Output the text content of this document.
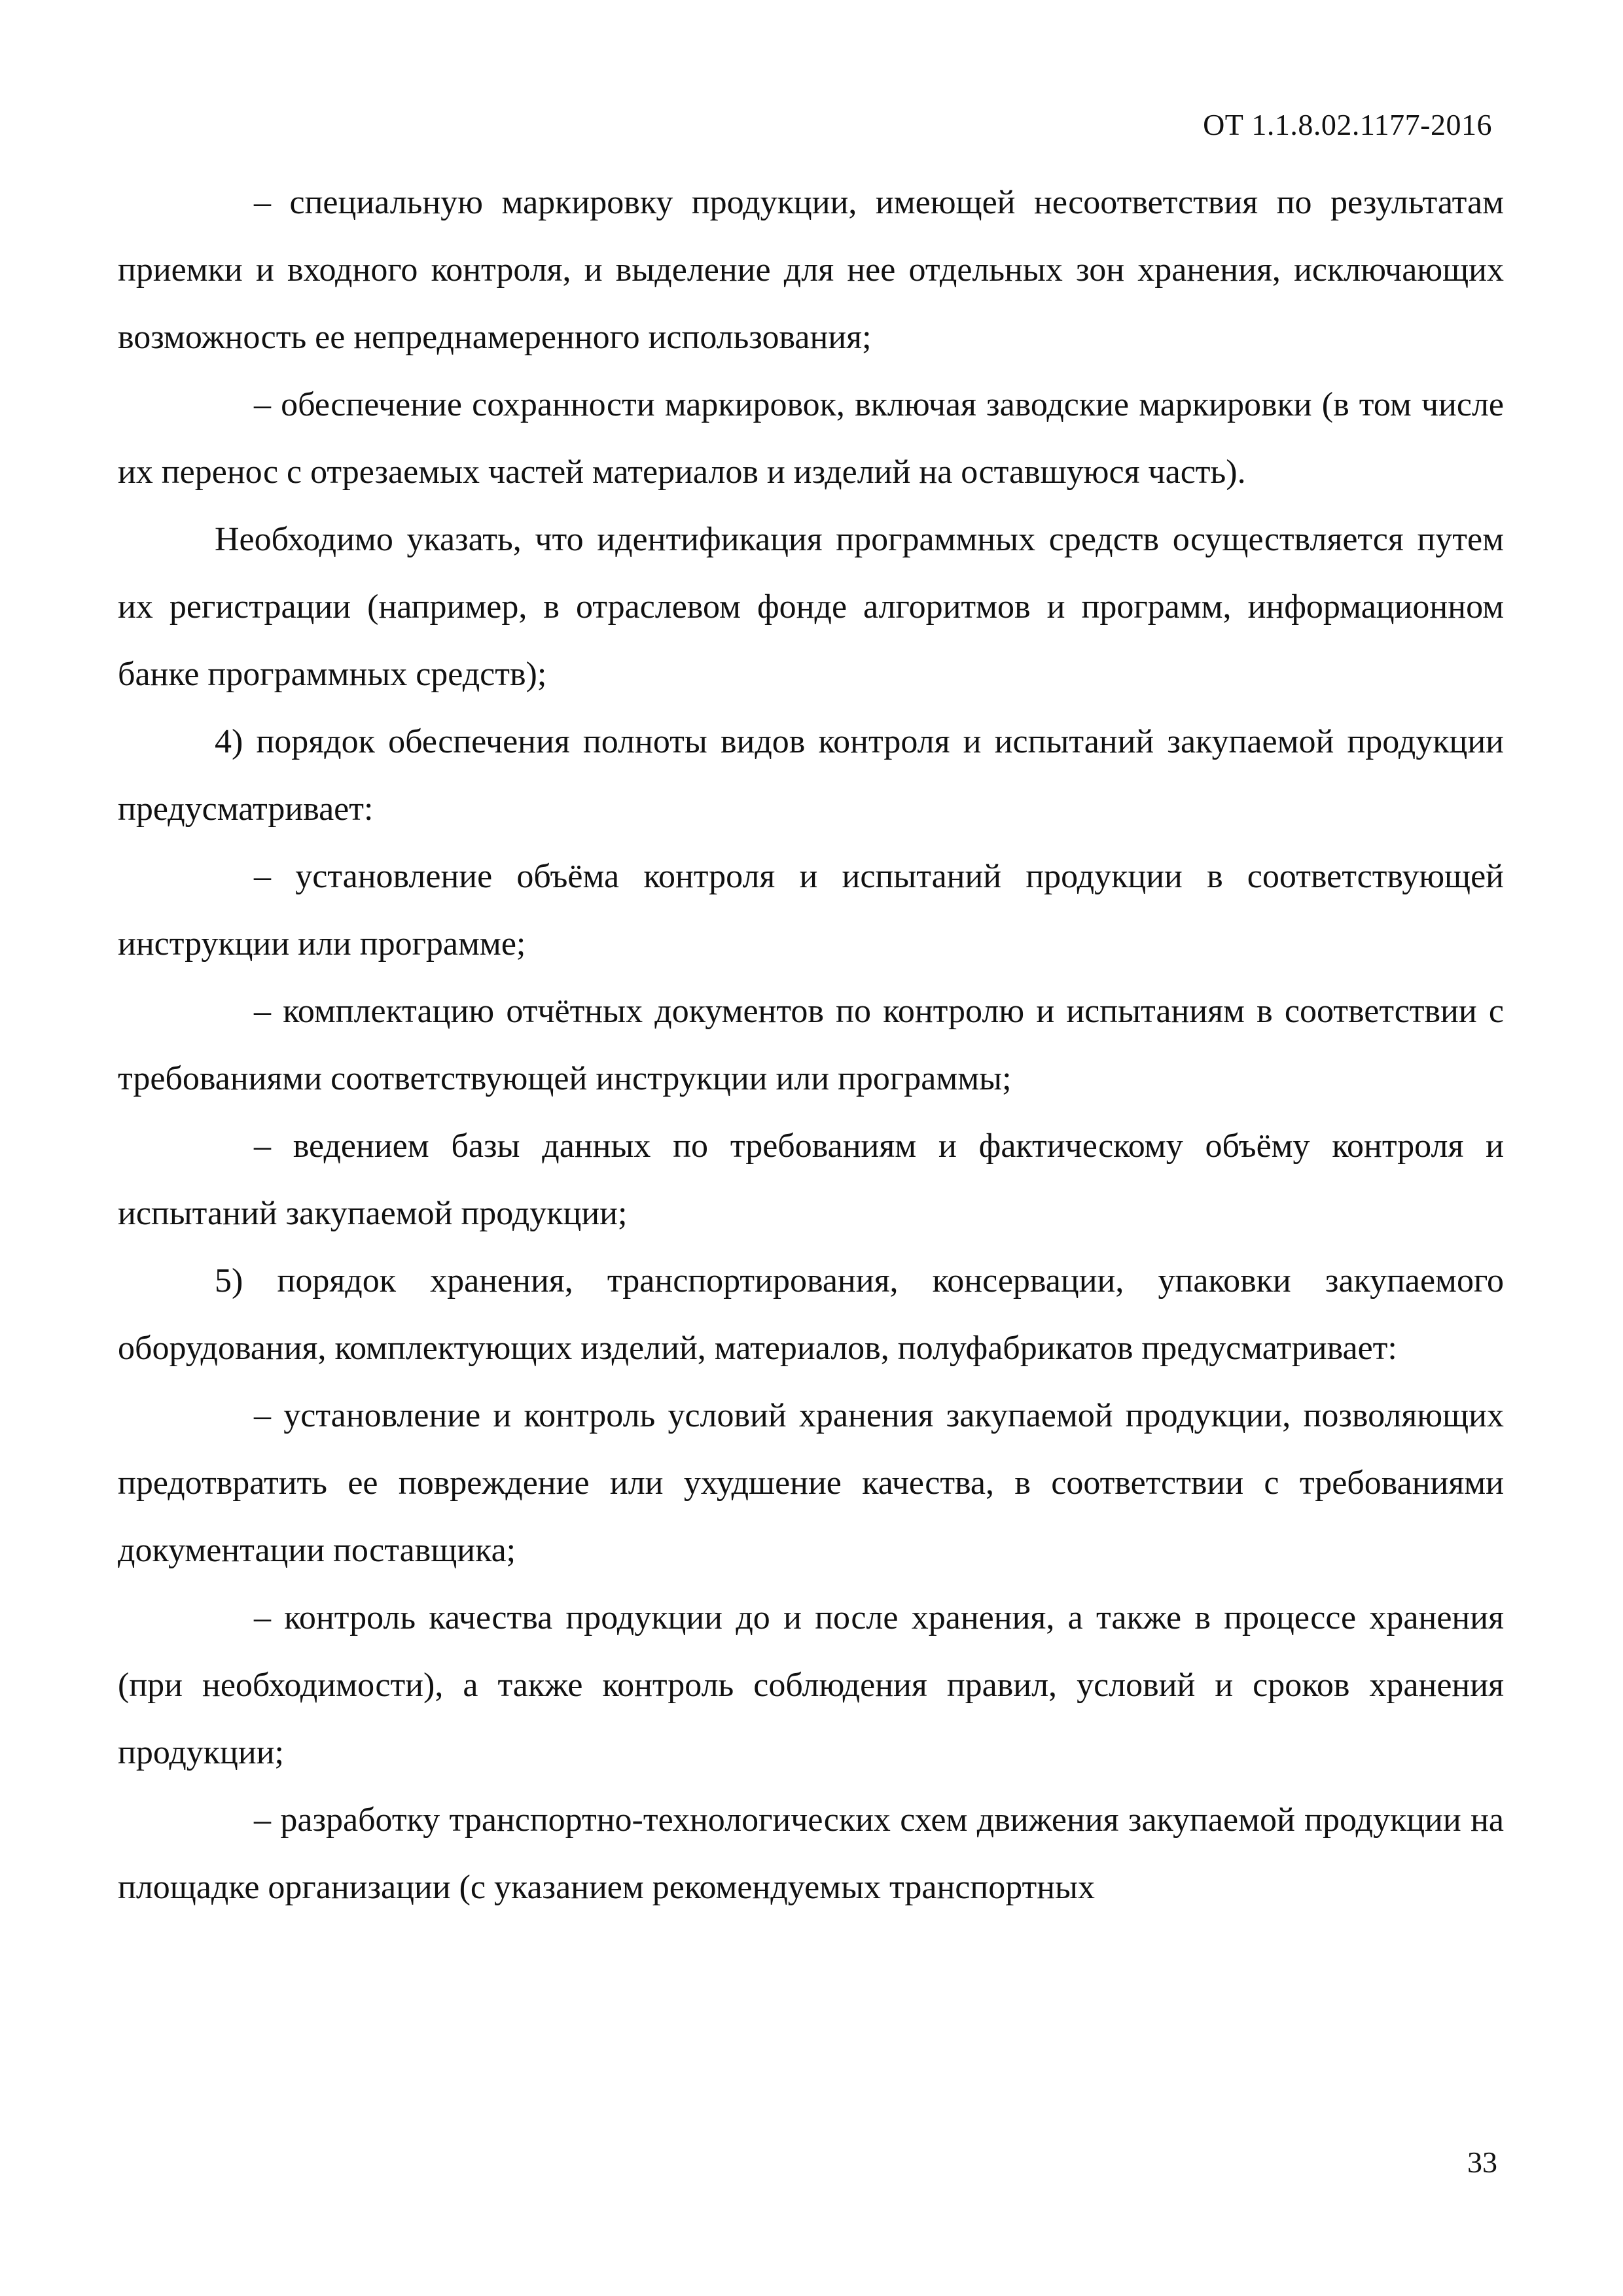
ОТ 1.1.8.02.1177-2016

– специальную маркировку продукции, имеющей несоответствия по результатам приемки и входного контроля, и выделение для нее отдельных зон хранения, исключающих возможность ее непреднамеренного использования;

– обеспечение сохранности маркировок, включая заводские маркировки (в том числе их перенос с отрезаемых частей материалов и изделий на оставшуюся часть).

Необходимо указать, что идентификация программных средств осуществляется путем их регистрации (например, в отраслевом фонде алгоритмов и программ, информационном банке программных средств);

4) порядок обеспечения полноты видов контроля и испытаний закупаемой продукции предусматривает:

– установление объёма контроля и испытаний продукции в соответствующей инструкции или программе;

– комплектацию отчётных документов по контролю и испытаниям в соответствии с требованиями соответствующей инструкции или программы;

– ведением базы данных по требованиям и фактическому объёму контроля и испытаний закупаемой продукции;

5) порядок хранения, транспортирования, консервации, упаковки закупаемого оборудования, комплектующих изделий, материалов, полуфабрикатов предусматривает:

– установление и контроль условий хранения закупаемой продукции, позволяющих предотвратить ее повреждение или ухудшение качества, в соответствии с требованиями документации поставщика;

– контроль качества продукции до и после хранения, а также в процессе хранения (при необходимости), а также контроль соблюдения правил, условий и сроков хранения продукции;

– разработку транспортно-технологических схем движения закупаемой продукции на площадке организации (с указанием рекомендуемых транспортных

33
